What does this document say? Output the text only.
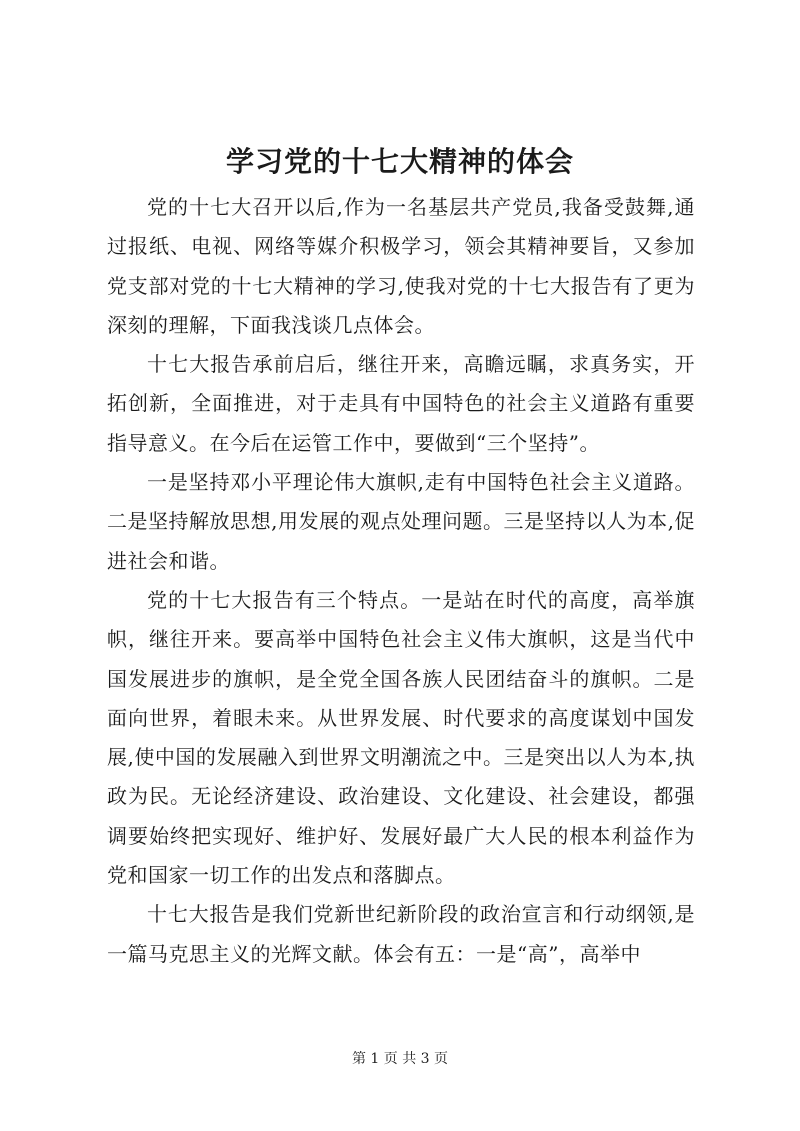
学习党的十七大精神的体会

党的十七大召开以后,作为一名基层共产党员,我备受鼓舞,通过报纸、电视、网络等媒介积极学习，领会其精神要旨，又参加党支部对党的十七大精神的学习,使我对党的十七大报告有了更为深刻的理解，下面我浅谈几点体会。

十七大报告承前启后，继往开来，高瞻远瞩，求真务实，开拓创新，全面推进，对于走具有中国特色的社会主义道路有重要指导意义。在今后在运管工作中，要做到“三个坚持”。

一是坚持邓小平理论伟大旗帜,走有中国特色社会主义道路。二是坚持解放思想,用发展的观点处理问题。三是坚持以人为本,促进社会和谐。

党的十七大报告有三个特点。一是站在时代的高度，高举旗帜，继往开来。要高举中国特色社会主义伟大旗帜，这是当代中国发展进步的旗帜，是全党全国各族人民团结奋斗的旗帜。二是面向世界，着眼未来。从世界发展、时代要求的高度谋划中国发展,使中国的发展融入到世界文明潮流之中。三是突出以人为本,执政为民。无论经济建设、政治建设、文化建设、社会建设，都强调要始终把实现好、维护好、发展好最广大人民的根本利益作为党和国家一切工作的出发点和落脚点。

十七大报告是我们党新世纪新阶段的政治宣言和行动纲领,是一篇马克思主义的光辉文献。体会有五：一是“高”，高举中

第 1 页 共 3 页
